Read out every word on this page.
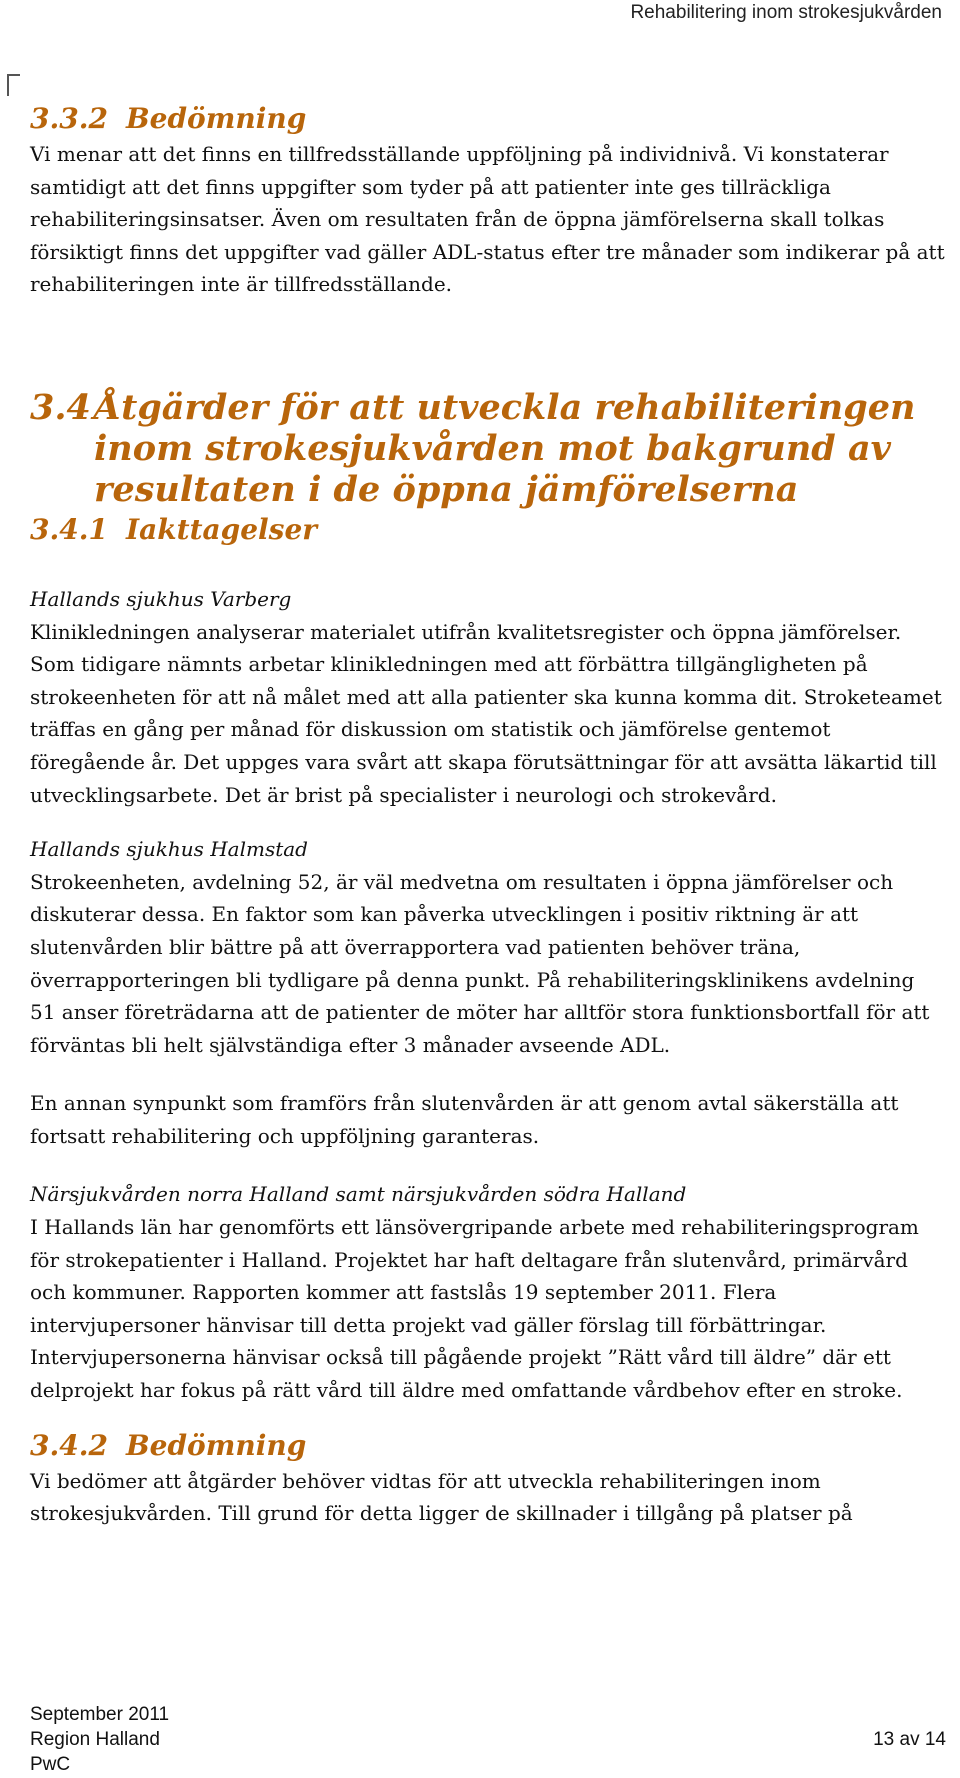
Rehabilitering inom strokesjukvården
3.3.2 Bedömning

Vi menar att det finns en tillfredsställande uppföljning på individnivå. Vi konstaterar samtidigt att det finns uppgifter som tyder på att patienter inte ges tillräckliga rehabiliteringsinsatser. Även om resultaten från de öppna jämförelserna skall tolkas försiktigt finns det uppgifter vad gäller ADL-status efter tre månader som indikerar på att rehabiliteringen inte är tillfredsställande.

3.4 Åtgärder för att utveckla rehabiliteringen inom strokesjukvården mot bakgrund av resultaten i de öppna jämförelserna
3.4.1 Iakttagelser
Hallands sjukhus Varberg

Klinikledningen analyserar materialet utifrån kvalitetsregister och öppna jämförelser. Som tidigare nämnts arbetar klinikledningen med att förbättra tillgängligheten på strokeenheten för att nå målet med att alla patienter ska kunna komma dit. Stroketeamet träffas en gång per månad för diskussion om statistik och jämförelse gentemot föregående år. Det uppges vara svårt att skapa förutsättningar för att avsätta läkartid till utvecklingsarbete. Det är brist på specialister i neurologi och strokevård.

Hallands sjukhus Halmstad

Strokeenheten, avdelning 52, är väl medvetna om resultaten i öppna jämförelser och diskuterar dessa. En faktor som kan påverka utvecklingen i positiv riktning är att slutenvården blir bättre på att överrapportera vad patienten behöver träna, överrapporteringen bli tydligare på denna punkt. På rehabiliteringsklinikens avdelning 51 anser företrädarna att de patienter de möter har alltför stora funktionsbortfall för att förväntas bli helt självständiga efter 3 månader avseende ADL.

En annan synpunkt som framförs från slutenvården är att genom avtal säkerställa att fortsatt rehabilitering och uppföljning garanteras.

Närsjukvården norra Halland samt närsjukvården södra Halland

I Hallands län har genomförts ett länsövergripande arbete med rehabiliteringsprogram för strokepatienter i Halland. Projektet har haft deltagare från slutenvård, primärvård och kommuner. Rapporten kommer att fastslås 19 september 2011. Flera intervjupersoner hänvisar till detta projekt vad gäller förslag till förbättringar. Intervjupersonerna hänvisar också till pågående projekt ”Rätt vård till äldre” där ett delprojekt har fokus på rätt vård till äldre med omfattande vårdbehov efter en stroke.

3.4.2 Bedömning

Vi bedömer att åtgärder behöver vidtas för att utveckla rehabiliteringen inom strokesjukvården. Till grund för detta ligger de skillnader i tillgång på platser på

September 2011
Region Halland
PwC
13 av 14
